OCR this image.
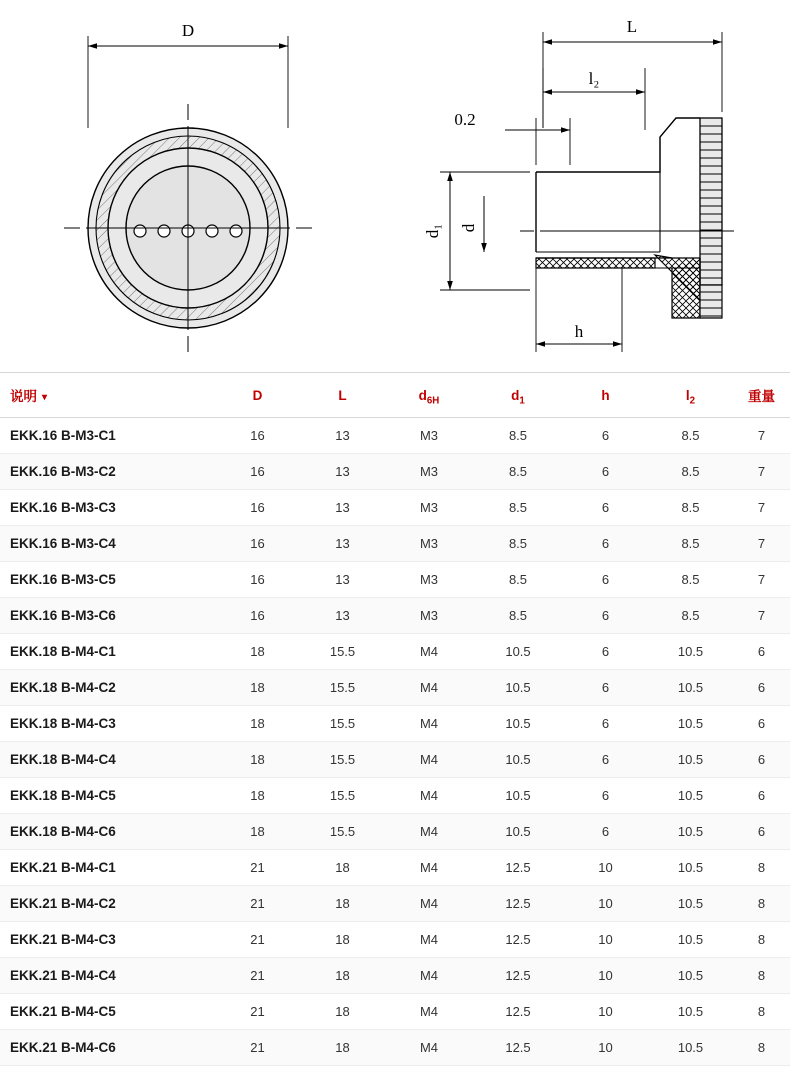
D	L
l₂
0.2
d₁ d
h
说明 ▾	D	L	$d_{6H}$	$d_1$	h	$l_2$	重量
EKK.16 B-M3-C1	16	13	M3	8.5	6	8.5	7
EKK.16 B-M3-C2	16	13	M3	8.5	6	8.5	7
EKK.16 B-M3-C3	16	13	M3	8.5	6	8.5	7
EKK.16 B-M3-C4	16	13	M3	8.5	6	8.5	7
EKK.16 B-M3-C5	16	13	M3	8.5	6	8.5	7
EKK.16 B-M3-C6	16	13	M3	8.5	6	8.5	7
EKK.18 B-M4-C1	18	15.5	M4	10.5	6	10.5	6
EKK.18 B-M4-C2	18	15.5	M4	10.5	6	10.5	6
EKK.18 B-M4-C3	18	15.5	M4	10.5	6	10.5	6
EKK.18 B-M4-C4	18	15.5	M4	10.5	6	10.5	6
EKK.18 B-M4-C5	18	15.5	M4	10.5	6	10.5	6
EKK.18 B-M4-C6	18	15.5	M4	10.5	6	10.5	6
EKK.21 B-M4-C1	21	18	M4	12.5	10	10.5	8
EKK.21 B-M4-C2	21	18	M4	12.5	10	10.5	8
EKK.21 B-M4-C3	21	18	M4	12.5	10	10.5	8
EKK.21 B-M4-C4	21	18	M4	12.5	10	10.5	8
EKK.21 B-M4-C5	21	18	M4	12.5	10	10.5	8
EKK.21 B-M4-C6	21	18	M4	12.5	10	10.5	8
